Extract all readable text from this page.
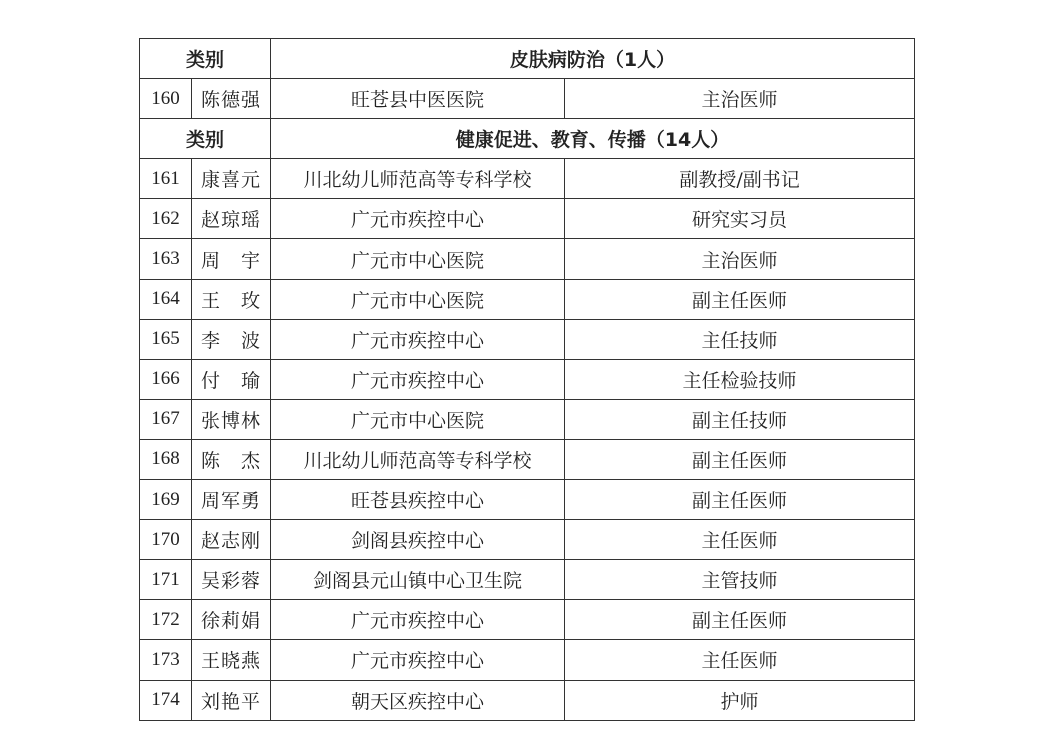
类别		皮肤病防治（1人）	
160	陈德强	旺苍县中医医院	主治医师
类别		健康促进、教育、传播（14人）	
161	康喜元	川北幼儿师范高等专科学校	副教授/副书记
162	赵琼瑶	广元市疾控中心	研究实习员
163	周　宇	广元市中心医院	主治医师
164	王　玫	广元市中心医院	副主任医师
165	李　波	广元市疾控中心	主任技师
166	付　瑜	广元市疾控中心	主任检验技师
167	张博林	广元市中心医院	副主任技师
168	陈　杰	川北幼儿师范高等专科学校	副主任医师
169	周军勇	旺苍县疾控中心	副主任医师
170	赵志刚	剑阁县疾控中心	主任医师
171	吴彩蓉	剑阁县元山镇中心卫生院	主管技师
172	徐莉娟	广元市疾控中心	副主任医师
173	王晓燕	广元市疾控中心	主任医师
174	刘艳平	朝天区疾控中心	护师
